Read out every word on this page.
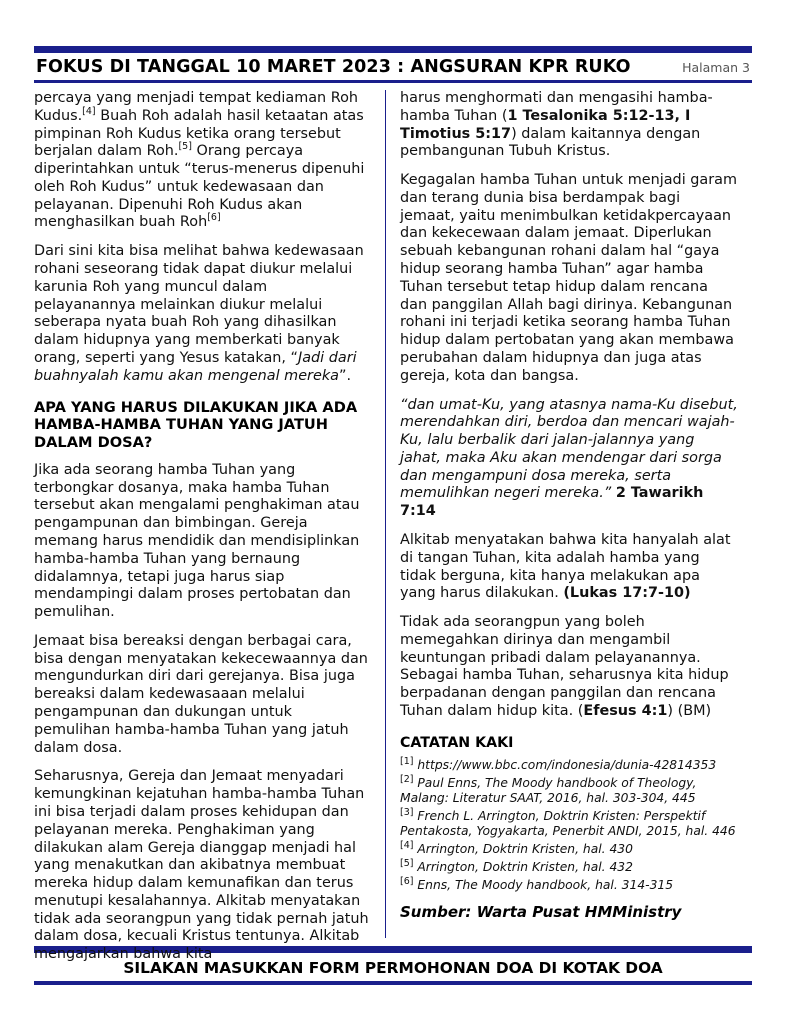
FOKUS DI TANGGAL 10 MARET 2023 : ANGSURAN KPR RUKO	Halaman 3

percaya yang menjadi tempat kediaman Roh Kudus.[4] Buah Roh adalah hasil ketaatan atas pimpinan Roh Kudus ketika orang tersebut berjalan dalam Roh.[5] Orang percaya diperintahkan untuk “terus-menerus dipenuhi oleh Roh Kudus” untuk kedewasaan dan pelayanan. Dipenuhi Roh Kudus akan menghasilkan buah Roh[6]

Dari sini kita bisa melihat bahwa kedewasaan rohani seseorang tidak dapat diukur melalui karunia Roh yang muncul dalam pelayanannya melainkan diukur melalui seberapa nyata buah Roh yang dihasilkan dalam hidupnya yang memberkati banyak orang, seperti yang Yesus katakan, “Jadi dari buahnyalah kamu akan mengenal mereka”.

APA YANG HARUS DILAKUKAN JIKA ADA HAMBA-HAMBA TUHAN YANG JATUH DALAM DOSA?

Jika ada seorang hamba Tuhan yang terbongkar dosanya, maka hamba Tuhan tersebut akan mengalami penghakiman atau pengampunan dan bimbingan. Gereja memang harus mendidik dan mendisiplinkan hamba-hamba Tuhan yang bernaung didalamnya, tetapi juga harus siap mendampingi dalam proses pertobatan dan pemulihan.

Jemaat bisa bereaksi dengan berbagai cara, bisa dengan menyatakan kekecewaannya dan mengundurkan diri dari gerejanya. Bisa juga bereaksi dalam kedewasaaan melalui pengampunan dan dukungan untuk pemulihan hamba-hamba Tuhan yang jatuh dalam dosa.

Seharusnya, Gereja dan Jemaat menyadari kemungkinan kejatuhan hamba-hamba Tuhan ini bisa terjadi dalam proses kehidupan dan pelayanan mereka. Penghakiman yang dilakukan alam Gereja dianggap menjadi hal yang menakutkan dan akibatnya membuat mereka hidup dalam kemunafikan dan terus menutupi kesalahannya. Alkitab menyatakan tidak ada seorangpun yang tidak pernah jatuh dalam dosa, kecuali Kristus tentunya. Alkitab mengajarkan bahwa kita

harus menghormati dan mengasihi hamba-hamba Tuhan (1 Tesalonika 5:12-13, I Timotius 5:17) dalam kaitannya dengan pembangunan Tubuh Kristus.

Kegagalan hamba Tuhan untuk menjadi garam dan terang dunia bisa berdampak bagi jemaat, yaitu menimbulkan ketidakpercayaan dan kekecewaan dalam jemaat. Diperlukan sebuah kebangunan rohani dalam hal “gaya hidup seorang hamba Tuhan” agar hamba Tuhan tersebut tetap hidup dalam rencana dan panggilan Allah bagi dirinya. Kebangunan rohani ini terjadi ketika seorang hamba Tuhan hidup dalam pertobatan yang akan membawa perubahan dalam hidupnya dan juga atas gereja, kota dan bangsa.

“dan umat-Ku, yang atasnya nama-Ku disebut, merendahkan diri, berdoa dan mencari wajah-Ku, lalu berbalik dari jalan-jalannya yang jahat, maka Aku akan mendengar dari sorga dan mengampuni dosa mereka, serta memulihkan negeri mereka.” 2 Tawarikh 7:14

Alkitab menyatakan bahwa kita hanyalah alat di tangan Tuhan, kita adalah hamba yang tidak berguna, kita hanya melakukan apa yang harus dilakukan. (Lukas 17:7-10)

Tidak ada seorangpun yang boleh memegahkan dirinya dan mengambil keuntungan pribadi dalam pelayanannya. Sebagai hamba Tuhan, seharusnya kita hidup berpadanan dengan panggilan dan rencana Tuhan dalam hidup kita. (Efesus 4:1) (BM)

CATATAN KAKI
[1] https://www.bbc.com/indonesia/dunia-42814353
[2] Paul Enns, The Moody handbook of Theology, Malang: Literatur SAAT, 2016, hal. 303-304, 445
[3] French L. Arrington, Doktrin Kristen: Perspektif Pentakosta, Yogyakarta, Penerbit ANDI, 2015, hal. 446
[4] Arrington, Doktrin Kristen, hal. 430
[5] Arrington, Doktrin Kristen, hal. 432
[6] Enns, The Moody handbook, hal. 314-315
Sumber: Warta Pusat HMMinistry
SILAKAN MASUKKAN FORM PERMOHONAN DOA DI KOTAK DOA
